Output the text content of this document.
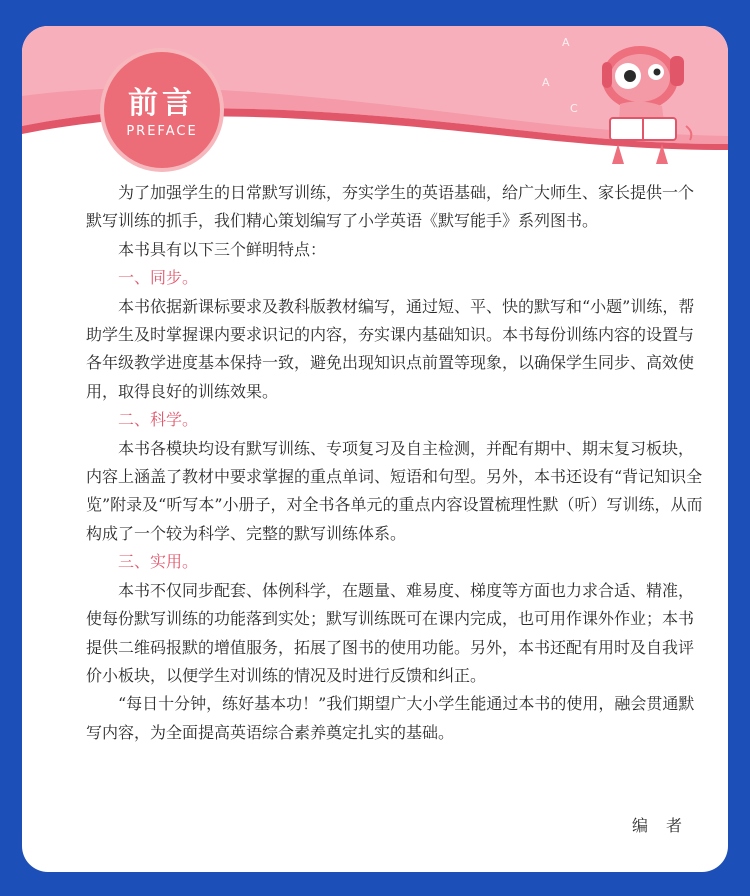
A
A
C
前言
PREFACE

为了加强学生的日常默写训练，夯实学生的英语基础，给广大师生、家长提供一个默写训练的抓手，我们精心策划编写了小学英语《默写能手》系列图书。

本书具有以下三个鲜明特点：

一、同步。

本书依据新课标要求及教科版教材编写，通过短、平、快的默写和“小题”训练，帮助学生及时掌握课内要求识记的内容，夯实课内基础知识。本书每份训练内容的设置与各年级教学进度基本保持一致，避免出现知识点前置等现象，以确保学生同步、高效使用，取得良好的训练效果。

二、科学。

本书各模块均设有默写训练、专项复习及自主检测，并配有期中、期末复习板块，内容上涵盖了教材中要求掌握的重点单词、短语和句型。另外，本书还设有“背记知识全览”附录及“听写本”小册子，对全书各单元的重点内容设置梳理性默（听）写训练，从而构成了一个较为科学、完整的默写训练体系。

三、实用。

本书不仅同步配套、体例科学，在题量、难易度、梯度等方面也力求合适、精准，使每份默写训练的功能落到实处；默写训练既可在课内完成，也可用作课外作业；本书提供二维码报默的增值服务，拓展了图书的使用功能。另外，本书还配有用时及自我评价小板块，以便学生对训练的情况及时进行反馈和纠正。

“每日十分钟，练好基本功！”我们期望广大小学生能通过本书的使用，融会贯通默写内容，为全面提高英语综合素养奠定扎实的基础。

编者
